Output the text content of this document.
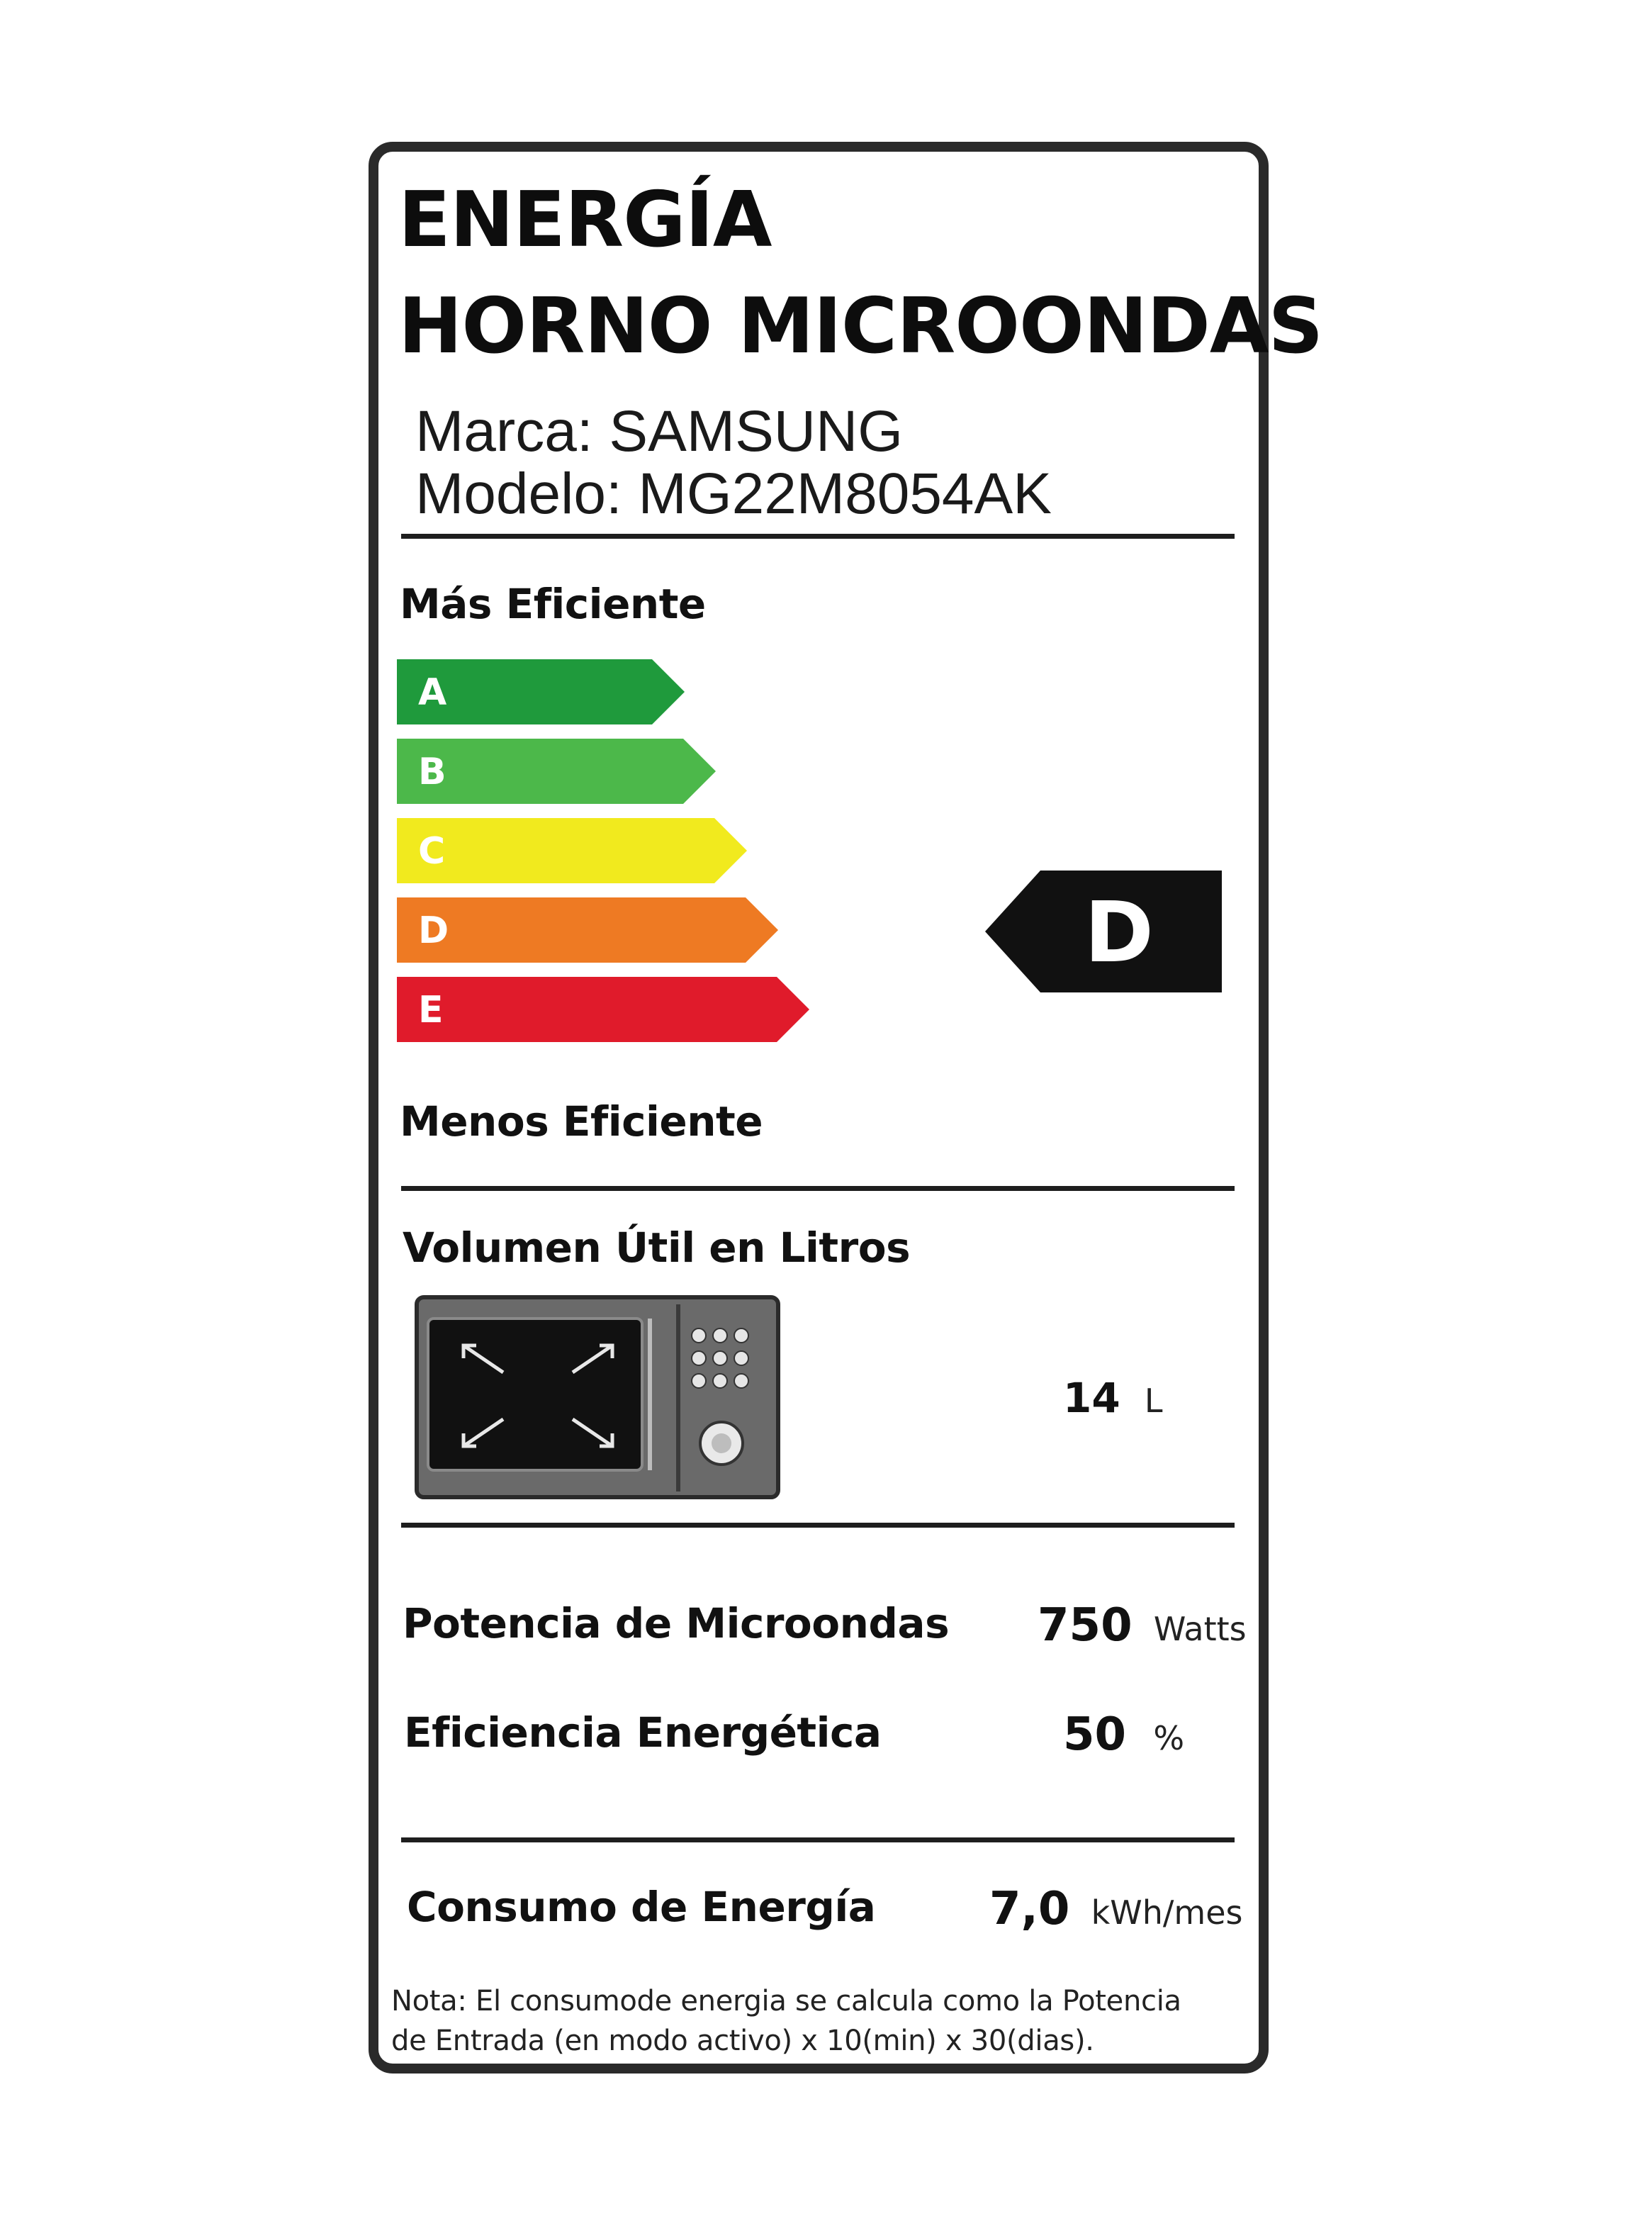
ENERGÍA
HORNO MICROONDAS
Marca: SAMSUNG
Modelo: MG22M8054AK
Más Eficiente
A
B
C
D
E
D
Menos Eficiente
Volumen Útil en Litros
14 L
Potencia de Microondas 750 Watts
Eficiencia Energética	50 %
Consumo de Energía	7,0 kWh/mes
Nota: El consumode energia se calcula como la Potencia
de Entrada (en modo activo) x 10(min) x 30(dias).
